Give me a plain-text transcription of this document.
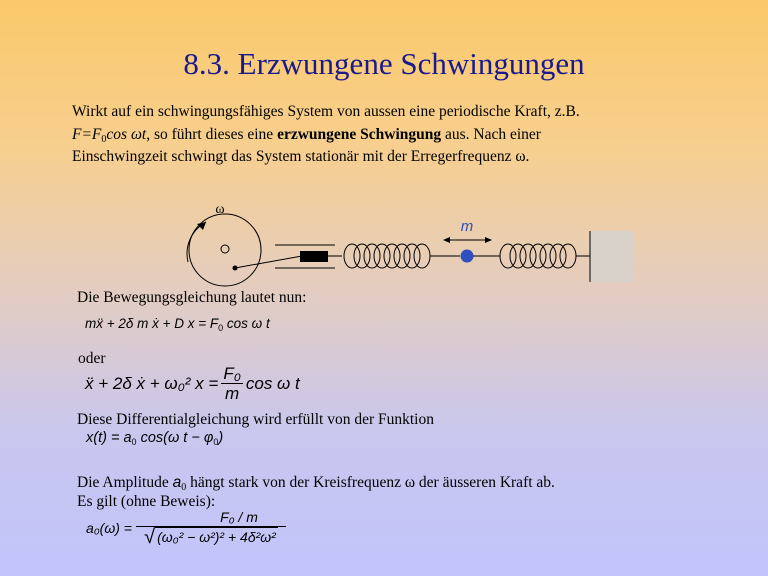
8.3. Erzwungene Schwingungen
Wirkt auf ein schwingungsfähiges System von aussen eine periodische Kraft, z.B.
$F=F_0\cos$ ωt, so führt dieses eine erzwungene Schwingung aus. Nach einer
Einschwingzeit schwingt das System stationär mit der Erregerfrequenz ω.
ω
m
Die Bewegungsgleichung lautet nun:
mẍ + 2δ m ẋ + D $x = F_0$ cos ω t
oder
ẍ + 2δ ẋ + ω₀² $x = \frac{\text{F₀}}{m}$ cos ω t
Diese Differentialgleichung wird erfüllt von der Funktion
$x(t) = a_0$ cos(ω $t - \varphi_0$)
Die Amplitude $a_0$ hängt stark von der Kreisfrequenz ω der äusseren Kraft ab.
Es gilt (ohne Beweis):
$a_0(\omega) = \frac{\text{F₀ / m}}{\text{√ (ω₀² − ω²)² + 4δ²ω²}}$
